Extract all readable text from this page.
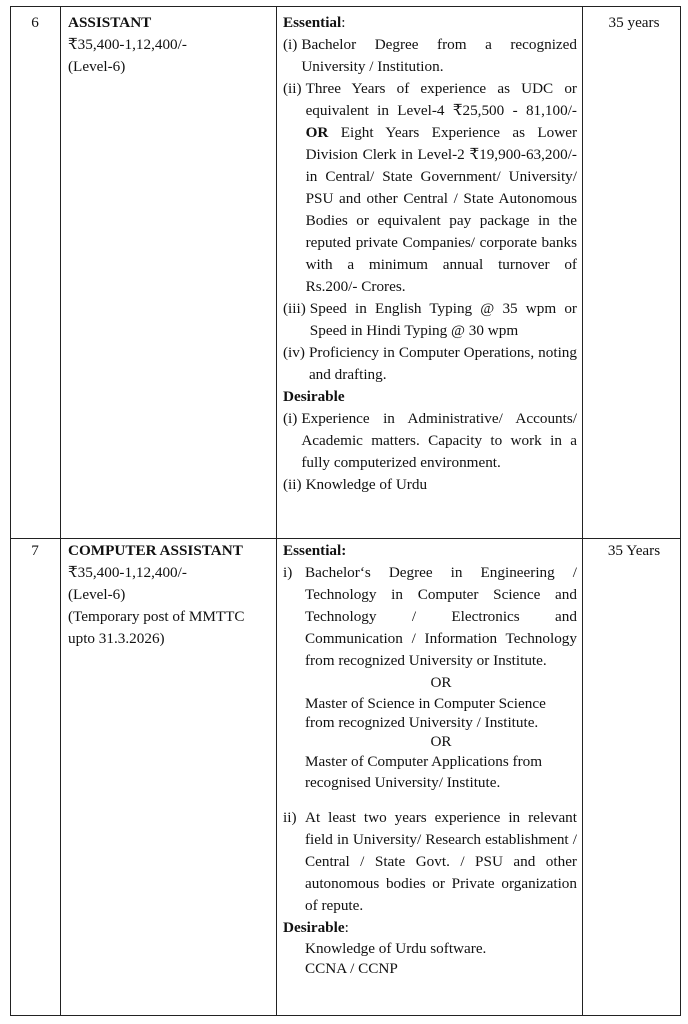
6	ASSISTANT
₹35,400-1,12,400/-
(Level-6)
35 years
Essential:
(i) Bachelor Degree from a recognized University / Institution.
(ii) Three Years of experience as UDC or equivalent in Level-4 ₹25,500 - 81,100/- OR Eight Years Experience as Lower Division Clerk in Level-2 ₹19,900-63,200/- in Central/ State Government/ University/ PSU and other Central / State Autonomous Bodies or equivalent pay package in the reputed private Companies/ corporate banks with a minimum annual turnover of Rs.200/- Crores.
(iii) Speed in English Typing @ 35 wpm or Speed in Hindi Typing @ 30 wpm
(iv) Proficiency in Computer Operations, noting and drafting.
Desirable
(i) Experience in Administrative/ Accounts/ Academic matters. Capacity to work in a fully computerized environment.
(ii) Knowledge of Urdu
7	COMPUTER ASSISTANT
₹35,400-1,12,400/-
(Level-6)
(Temporary post of MMTTC upto 31.3.2026)
35 Years
Essential:
i) Bachelor‘s Degree in Engineering / Technology in Computer Science and Technology / Electronics and Communication / Information Technology from recognized University or Institute.
OR
Master of Science in Computer Science from recognized University / Institute.
OR
Master of Computer Applications from recognised University/ Institute.
ii) At least two years experience in relevant field in University/ Research establishment / Central / State Govt. / PSU and other autonomous bodies or Private organization of repute.
Desirable:
Knowledge of Urdu software.
CCNA / CCNP
